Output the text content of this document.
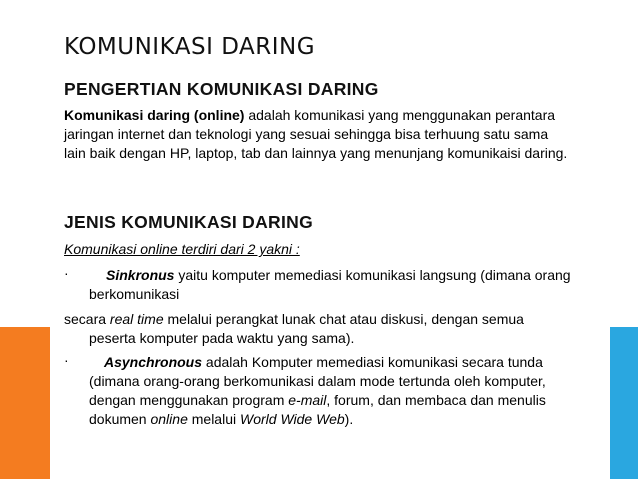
KOMUNIKASI DARING
PENGERTIAN KOMUNIKASI DARING
Komunikasi daring (online) adalah komunikasi yang menggunakan perantara
jaringan internet dan teknologi yang sesuai sehingga bisa terhuung satu sama
lain baik dengan HP, laptop, tab dan lainnya yang menunjang komunikaisi daring.
JENIS KOMUNIKASI DARING
Komunikasi online terdiri dari 2 yakni :
·	Sinkronus yaitu komputer memediasi komunikasi langsung (dimana orang
berkomunikasi
secara real time melalui perangkat lunak chat atau diskusi, dengan semua
peserta komputer pada waktu yang sama).
·	Asynchronous adalah Komputer memediasi komunikasi secara tunda
(dimana orang-orang berkomunikasi dalam mode tertunda oleh komputer,
dengan menggunakan program e-mail, forum, dan membaca dan menulis
dokumen online melalui World Wide Web).
